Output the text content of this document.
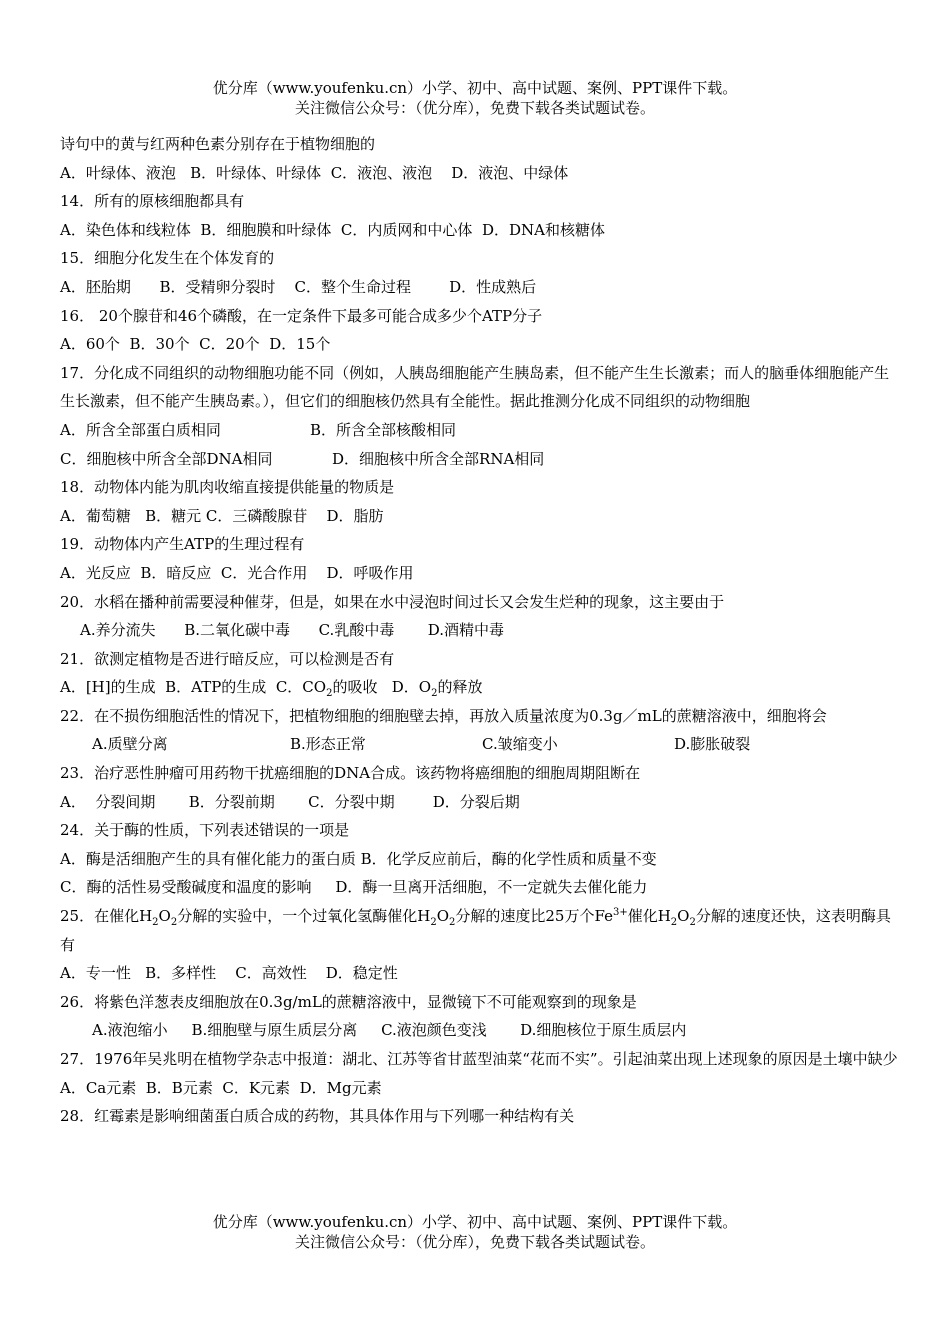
优分库（www.youfenku.cn）小学、初中、高中试题、案例、PPT课件下载。
关注微信公众号：（优分库），免费下载各类试题试卷。
诗句中的黄与红两种色素分别存在于植物细胞的
A．叶绿体、液泡   B．叶绿体、叶绿体  C．液泡、液泡    D．液泡、中绿体
14．所有的原核细胞都具有
A．染色体和线粒体  B．细胞膜和叶绿体  C．内质网和中心体  D．DNA和核糖体
15．细胞分化发生在个体发育的
A．胚胎期      B．受精卵分裂时    C．整个生命过程        D．性成熟后
16． 20个腺苷和46个磷酸，在一定条件下最多可能合成多少个ATP分子
A．60个  B．30个  C．20个  D．15个
17．分化成不同组织的动物细胞功能不同（例如，人胰岛细胞能产生胰岛素，但不能产生生长激素；而人的脑垂体细胞能产生生长激素，但不能产生胰岛素。），但它们的细胞核仍然具有全能性。据此推测分化成不同组织的动物细胞
A．所含全部蛋白质相同	B．所含全部核酸相同
C．细胞核中所含全部DNA相同	D．细胞核中所含全部RNA相同
18．动物体内能为肌肉收缩直接提供能量的物质是
A．葡萄糖   B．糖元 C．三磷酸腺苷    D．脂肪
19．动物体内产生ATP的生理过程有
A．光反应  B．暗反应  C．光合作用    D．呼吸作用
20．水稻在播种前需要浸种催芽，但是，如果在水中浸泡时间过长又会发生烂种的现象，这主要由于
A.养分流失      B.二氧化碳中毒      C.乳酸中毒       D.酒精中毒
21．欲测定植物是否进行暗反应，可以检测是否有
A．[H]的生成  B．ATP的生成  C．$CO_2$的吸收   D．$O_2$的释放
22．在不损伤细胞活性的情况下，把植物细胞的细胞壁去掉，再放入质量浓度为0.3g／mL的蔗糖溶液中，细胞将会
A.质壁分离	B.形态正常	C.皱缩变小	D.膨胀破裂
23．治疗恶性肿瘤可用药物干扰癌细胞的DNA合成。该药物将癌细胞的细胞周期阻断在
A．  分裂间期       B．分裂前期       C．分裂中期        D．分裂后期
24．关于酶的性质，下列表述错误的一项是
A．酶是活细胞产生的具有催化能力的蛋白质 B．化学反应前后，酶的化学性质和质量不变
C．酶的活性易受酸碱度和温度的影响     D．酶一旦离开活细胞，不一定就失去催化能力
25．在催化$H_2O_2$分解的实验中，一个过氧化氢酶催化$H_2O_2$分解的速度比25万个$Fe^{3+}$催化$H_2O_2$分解的速度还快，这表明酶具有
A．专一性   B．多样性    C．高效性    D．稳定性
26．将紫色洋葱表皮细胞放在0.3g/mL的蔗糖溶液中，显微镜下不可能观察到的现象是
A.液泡缩小     B.细胞壁与原生质层分离     C.液泡颜色变浅       D.细胞核位于原生质层内
27．1976年吴兆明在植物学杂志中报道：湖北、江苏等省甘蓝型油菜“花而不实”。引起油菜出现上述现象的原因是土壤中缺少
A．Ca元素  B．B元素  C．K元素  D．Mg元素
28．红霉素是影响细菌蛋白质合成的药物，其具体作用与下列哪一种结构有关
优分库（www.youfenku.cn）小学、初中、高中试题、案例、PPT课件下载。
关注微信公众号：（优分库），免费下载各类试题试卷。
